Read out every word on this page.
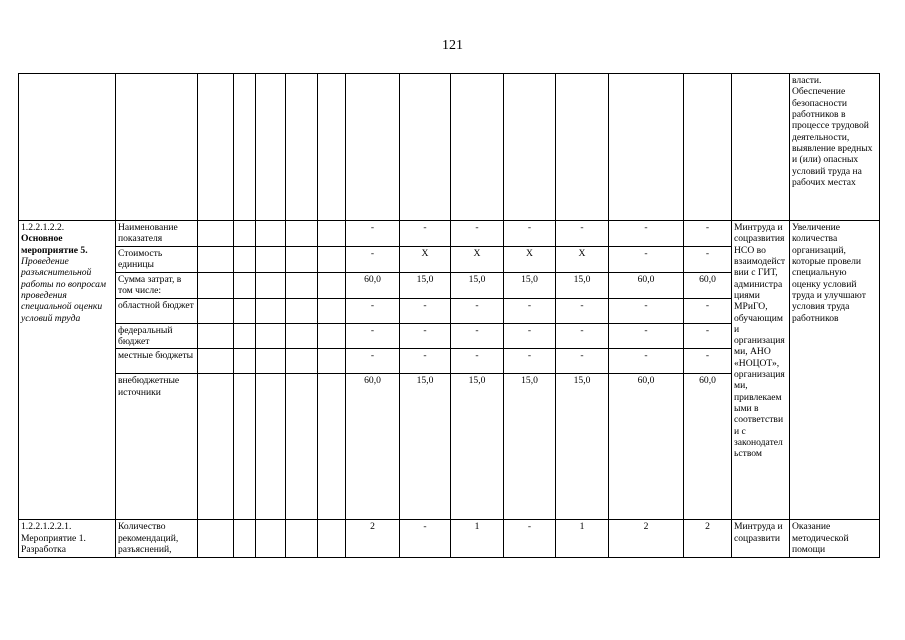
121
															власти. Обеспечение безопасности работников в процессе трудовой деятельности, выявление вредных и (или) опасных условий труда на рабочих местах

1.2.2.1.2.2.
Основное мероприятие 5.
Проведение разъяснительной работы по вопросам проведения специальной оценки условий труда	Наименование показателя						-	-	-	-	-	-	-	Минтруда и соцразвития НСО во взаимодействии с ГИТ, администрациями МРиГО, обучающими организациями, АНО «НОЦОТ», организациями, привлекаемыми в соответствии с законодательством	Увеличение количества организаций, которые провели специальную оценку условий труда и улучшают условия труда работников
	Стоимость единицы						-	Х	Х	Х	Х	-	-		
	Сумма затрат, в том числе:						60,0	15,0	15,0	15,0	15,0	60,0	60,0		
	областной бюджет						-	-	-	-	-	-	-		
	федеральный бюджет						-	-	-	-	-	-	-		
	местные бюджеты						-	-	-	-	-	-	-		
	внебюджетные источники						60,0	15,0	15,0	15,0	15,0	60,0	60,0		

1.2.2.1.2.2.1.
Мероприятие 1.
Разработка	Количество рекомендаций, разъяснений,						2	-	1	-	1	2	2	Минтруда и соцразвити	Оказание методической помощи
